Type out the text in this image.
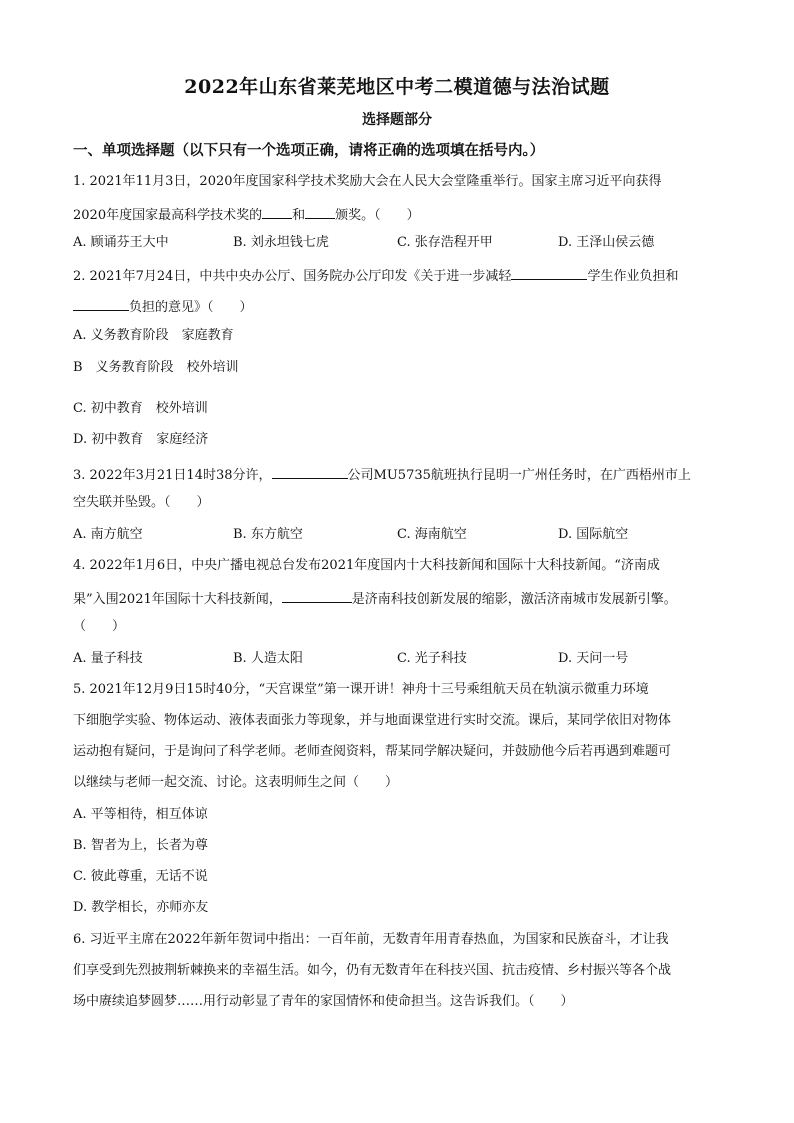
2022年山东省莱芜地区中考二模道德与法治试题
选择题部分
一、单项选择题（以下只有一个选项正确，请将正确的选项填在括号内。）
1. 2021年11月3日，2020年度国家科学技术奖励大会在人民大会堂隆重举行。国家主席习近平向获得
2020年度国家最高科学技术奖的 和 颁奖。（　　）
A. 顾诵芬王大中	B. 刘永坦钱七虎	C. 张存浩程开甲	D. 王泽山侯云德
2. 2021年7月24日，中共中央办公厅、国务院办公厅印发《关于进一步减轻	学生作业负担和
负担的意见》（　　）
A. 义务教育阶段　家庭教育
B　义务教育阶段　校外培训
C. 初中教育　校外培训
D. 初中教育　家庭经济
3. 2022年3月21日14时38分许，	公司MU5735航班执行昆明一广州任务时，在广西梧州市上
空失联并坠毁。（　　）
A. 南方航空	B. 东方航空	C. 海南航空	D. 国际航空
4. 2022年1月6日，中央广播电视总台发布2021年度国内十大科技新闻和国际十大科技新闻。“济南成
果”入围2021年国际十大科技新闻，	是济南科技创新发展的缩影，激活济南城市发展新引擎。
（　　）
A. 量子科技	B. 人造太阳	C. 光子科技	D. 天问一号
5. 2021年12月9日15时40分，“天宫课堂”第一课开讲！神舟十三号乘组航天员在轨演示微重力环境
下细胞学实验、物体运动、液体表面张力等现象，并与地面课堂进行实时交流。课后，某同学依旧对物体
运动抱有疑问，于是询问了科学老师。老师查阅资料，帮某同学解决疑问，并鼓励他今后若再遇到难题可
以继续与老师一起交流、讨论。这表明师生之间（　　）
A. 平等相待，相互体谅
B. 智者为上，长者为尊
C. 彼此尊重，无话不说
D. 教学相长，亦师亦友
6. 习近平主席在2022年新年贺词中指出：一百年前，无数青年用青春热血，为国家和民族奋斗，才让我
们享受到先烈披荆斩棘换来的幸福生活。如今，仍有无数青年在科技兴国、抗击疫情、乡村振兴等各个战
场中赓续追梦圆梦……用行动彰显了青年的家国情怀和使命担当。这告诉我们。（　　）
